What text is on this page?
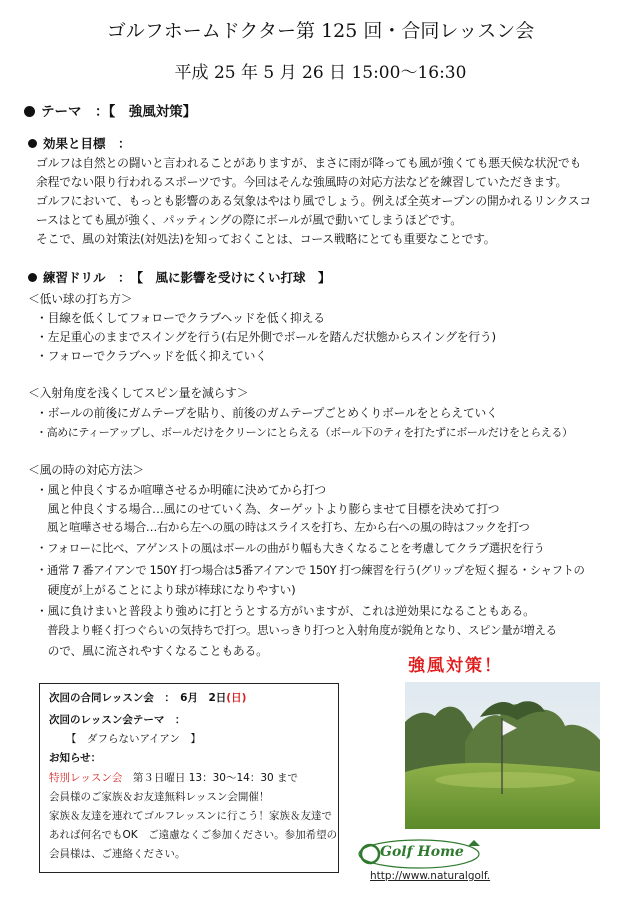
ゴルフホームドクター第 125 回・合同レッスン会
平成 25 年 5 月 26 日 15:00〜16:30
テーマ　：【　強風対策】
効果と目標　：
ゴルフは自然との闘いと言われることがありますが、まさに雨が降っても風が強くても悪天候な状況でも
余程でない限り行われるスポーツです。今回はそんな強風時の対応方法などを練習していただきます。
ゴルフにおいて、もっとも影響のある気象はやはり風でしょう。例えば全英オープンの開かれるリンクスコ
ースはとても風が強く、パッティングの際にボールが風で動いてしまうほどです。
そこで、風の対策法(対処法)を知っておくことは、コース戦略にとても重要なことです。
練習ドリル　：　【　風に影響を受けにくい打球　】
＜低い球の打ち方＞
・目線を低くしてフォローでクラブヘッドを低く抑える
・左足重心のままでスイングを行う(右足外側でボールを踏んだ状態からスイングを行う)
・フォローでクラブヘッドを低く抑えていく
＜入射角度を浅くしてスピン量を減らす＞
・ボールの前後にガムテープを貼り、前後のガムテープごとめくりボールをとらえていく
・高めにティーアップし、ボールだけをクリーンにとらえる（ボール下のティを打たずにボールだけをとらえる）
＜風の時の対応方法＞
・風と仲良くするか喧嘩させるか明確に決めてから打つ
　風と仲良くする場合…風にのせていく為、ターゲットより膨らませて目標を決めて打つ
　風と喧嘩させる場合…右から左への風の時はスライスを打ち、左から右への風の時はフックを打つ
・フォローに比べ、アゲンストの風はボールの曲がり幅も大きくなることを考慮してクラブ選択を行う
・通常 7 番アイアンで 150Y 打つ場合は5番アイアンで 150Y 打つ練習を行う(グリップを短く握る・シャフトの
　硬度が上がることにより球が棒球になりやすい)
・風に負けまいと普段より強めに打とうとする方がいますが、これは逆効果になることもある。
　普段より軽く打つぐらいの気持ちで打つ。思いっきり打つと入射角度が鋭角となり、スピン量が増える
　ので、風に流されやすくなることもある。
次回の合同レッスン会　：　6月　2日(日)
次回のレッスン会テーマ　：
【　ダフらないアイアン　】
お知らせ：
特別レッスン会　第３日曜日 13：30〜14：30 まで
会員様のご家族＆お友達無料レッスン会開催！
家族＆友達を連れてゴルフレッスンに行こう！家族＆友達で
あれば何名でもOK　ご遠慮なくご参加ください。参加希望の
会員様は、ご連絡ください。
強風対策！
Golf Home
http://www.naturalgolf.
